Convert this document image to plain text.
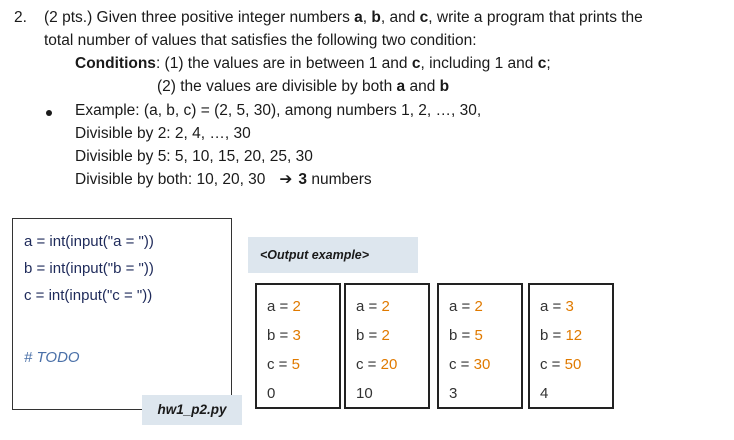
2. (2 pts.) Given three positive integer numbers a, b, and c, write a program that prints the
total number of values that satisfies the following two condition:
Conditions: (1) the values are in between 1 and c, including 1 and c;
(2) the values are divisible by both a and b
Example: (a, b, c) = (2, 5, 30), among numbers 1, 2, …, 30,
Divisible by 2: 2, 4, …, 30
Divisible by 5: 5, 10, 15, 20, 25, 30
Divisible by both: 10, 20, 30 ➔ 3 numbers
a = int(input("a = "))
b = int(input("b = "))
c = int(input("c = "))
# TODO
hw1_p2.py
<Output example>
a = 2
b = 3
c = 5
0
a = 2
b = 2
c = 20
10
a = 2
b = 5
c = 30
3
a = 3
b = 12
c = 50
4
